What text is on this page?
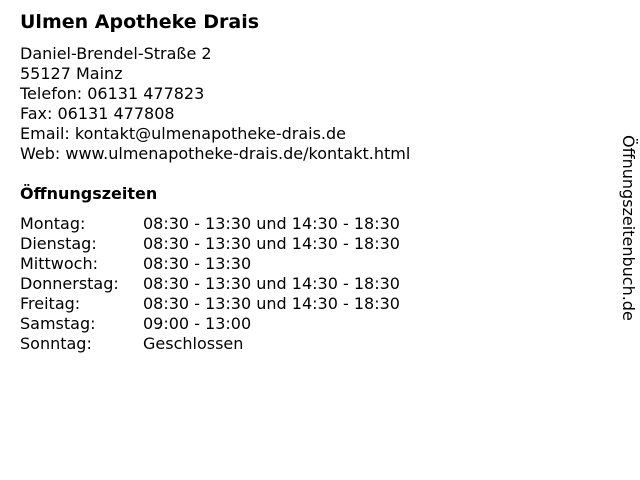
Ulmen Apotheke Drais
Daniel-Brendel-Straße 2
55127 Mainz
Telefon: 06131 477823
Fax: 06131 477808
Email: kontakt@ulmenapotheke-drais.de
Web: www.ulmenapotheke-drais.de/kontakt.html
Öffnungszeiten
Montag:	08:30 - 13:30 und 14:30 - 18:30
Dienstag:	08:30 - 13:30 und 14:30 - 18:30
Mittwoch:	08:30 - 13:30
Donnerstag:	08:30 - 13:30 und 14:30 - 18:30
Freitag:	08:30 - 13:30 und 14:30 - 18:30
Samstag:	09:00 - 13:00
Sonntag:	Geschlossen
Öffnungszeitenbuch.de
